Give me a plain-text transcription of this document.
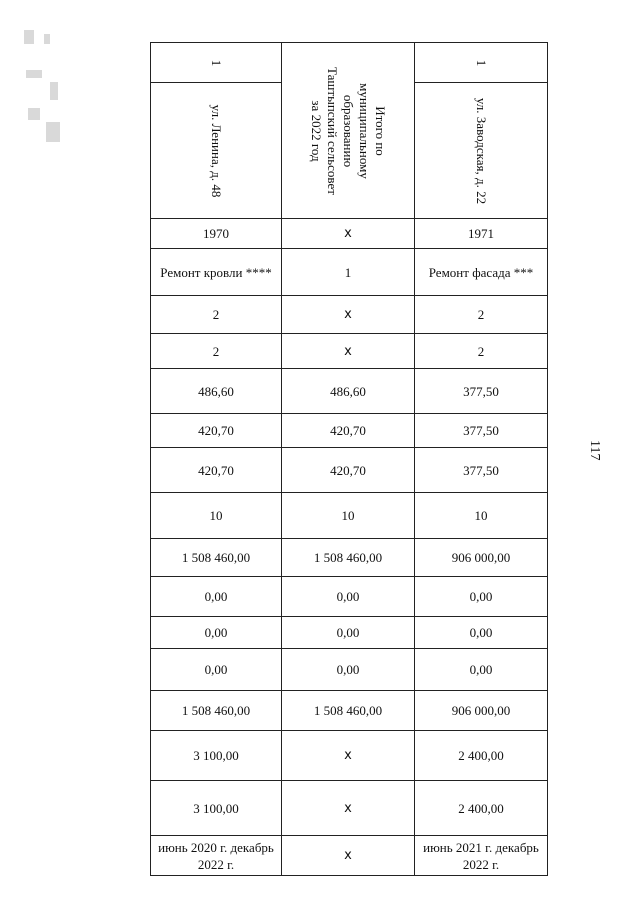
117
1	Итого по муниципальному образованию Таштыпский сельсовет за 2022 год	1

ул. Ленина, д. 48		ул. Заводская, д. 22

1970	x	1971
Ремонт кровли ****	1	Ремонт фасада ***
2	x	2
2	x	2
486,60	486,60	377,50
420,70	420,70	377,50
420,70	420,70	377,50
10	10	10
1 508 460,00	1 508 460,00	906 000,00
0,00	0,00	0,00
0,00	0,00	0,00
0,00	0,00	0,00
1 508 460,00	1 508 460,00	906 000,00
3 100,00	x	2 400,00
3 100,00	x	2 400,00
июнь 2020 г. декабрь 2022 г.	x	июнь 2021 г. декабрь 2022 г.
